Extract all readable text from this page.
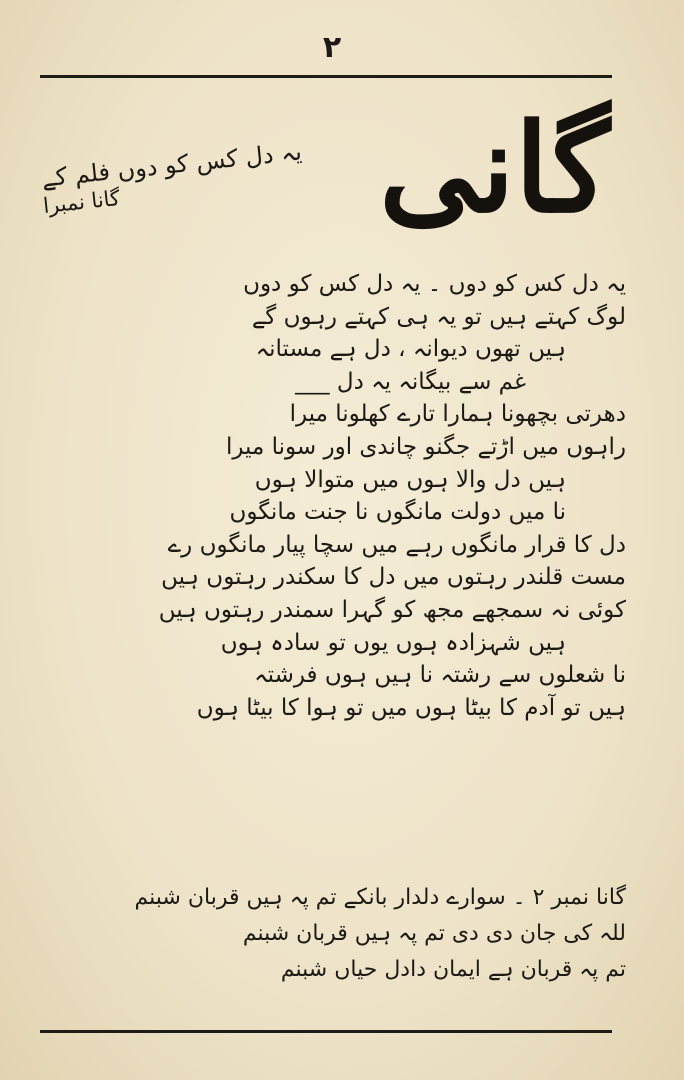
۲
گانی
یہ دل کس کو دوں فلم کے
گانا نمبرا
یہ دل کس کو دوں ۔ یہ دل کس کو دوں
لوگ کہتے ہیں تو یہ ہی کہتے رہوں گے
ہیں تھوں دیوانہ ، دل ہے مستانہ
غم سے بیگانہ یہ دل ___
دھرتی بچھونا ہمارا تارے کھلونا میرا
راہوں میں اڑتے جگنو چاندی اور سونا میرا
ہیں دل والا ہوں میں متوالا ہوں
نا میں دولت مانگوں نا جنت مانگوں
دل کا قرار مانگوں رہے میں سچا پیار مانگوں رے
مست قلندر رہتوں میں دل کا سکندر رہتوں ہیں
کوئی نہ سمجھے مجھ کو گہرا سمندر رہتوں ہیں
ہیں شہزادہ ہوں یوں تو سادہ ہوں
نا شعلوں سے رشتہ نا ہیں ہوں فرشتہ
ہیں تو آدم کا بیٹا ہوں میں تو ہوا کا بیٹا ہوں
گانا نمبر ۲ ۔ سوارے دلدار بانکے تم پہ ہیں قربان شبنم
للہ کی جان دی دی تم پہ ہیں قربان شبنم
تم پہ قربان ہے ایمان دادل حیاں شبنم
